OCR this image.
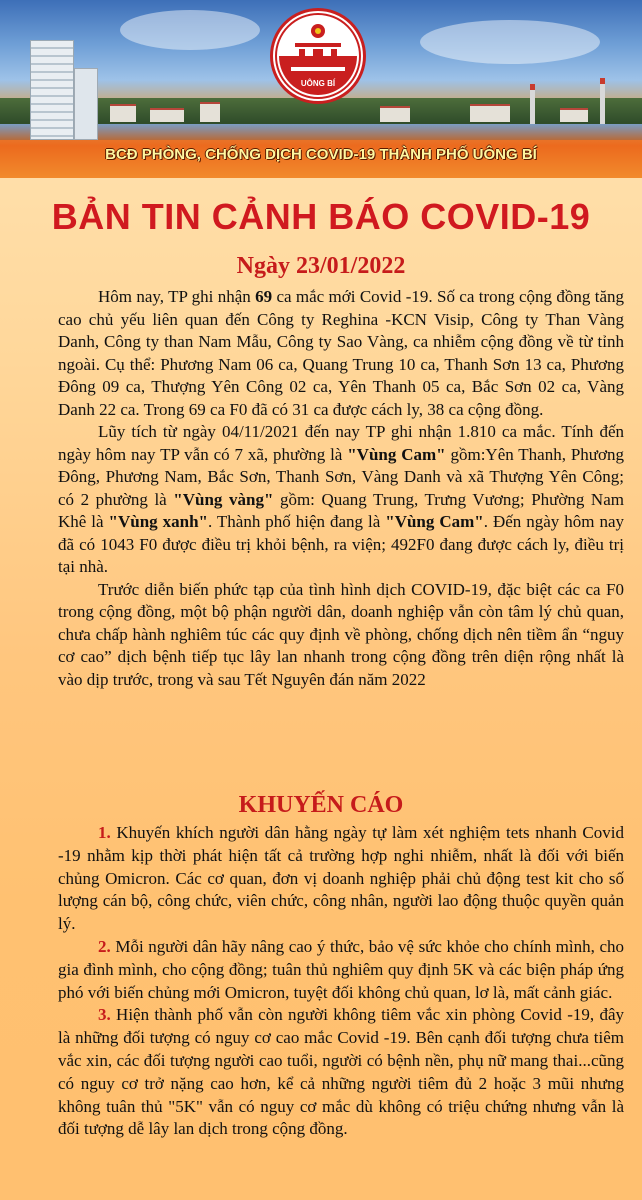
UÔNG BÍ
BCĐ PHÒNG, CHỐNG DỊCH COVID-19 THÀNH PHỐ UÔNG BÍ
BẢN TIN CẢNH BÁO COVID-19
Ngày 23/01/2022

Hôm nay, TP ghi nhận 69 ca mắc mới Covid -19. Số ca trong cộng đồng tăng cao chủ yếu liên quan đến Công ty Reghina -KCN Visip, Công ty Than Vàng Danh, Công ty than Nam Mẫu, Công ty Sao Vàng, ca nhiễm cộng đồng về từ tỉnh ngoài. Cụ thể: Phương Nam 06 ca, Quang Trung 10 ca, Thanh Sơn 13 ca, Phương Đông 09 ca, Thượng Yên Công 02 ca, Yên Thanh 05 ca, Bắc Sơn 02 ca, Vàng Danh 22 ca. Trong 69 ca F0 đã có 31 ca được cách ly, 38 ca cộng đồng.

Lũy tích từ ngày 04/11/2021 đến nay TP ghi nhận 1.810 ca mắc. Tính đến ngày hôm nay TP vẫn có 7 xã, phường là "Vùng Cam" gồm:Yên Thanh, Phương Đông, Phương Nam, Bắc Sơn, Thanh Sơn, Vàng Danh và xã Thượng Yên Công; có 2 phường là "Vùng vàng" gồm: Quang Trung, Trưng Vương; Phường Nam Khê là "Vùng xanh". Thành phố hiện đang là "Vùng Cam". Đến ngày hôm nay đã có 1043 F0 được điều trị khỏi bệnh, ra viện; 492F0 đang được cách ly, điều trị tại nhà.

Trước diễn biến phức tạp của tình hình dịch COVID-19, đặc biệt các ca F0 trong cộng đồng, một bộ phận người dân, doanh nghiệp vẫn còn tâm lý chủ quan, chưa chấp hành nghiêm túc các quy định về phòng, chống dịch nên tiềm ẩn “nguy cơ cao” dịch bệnh tiếp tục lây lan nhanh trong cộng đồng trên diện rộng nhất là vào dịp trước, trong và sau Tết Nguyên đán năm 2022

KHUYẾN CÁO

1. Khuyến khích người dân hằng ngày tự làm xét nghiệm tets nhanh Covid -19 nhằm kịp thời phát hiện tất cả trường hợp nghi nhiễm, nhất là đối với biến chủng Omicron. Các cơ quan, đơn vị doanh nghiệp phải chủ động test kit cho số lượng cán bộ, công chức, viên chức, công nhân, người lao động thuộc quyền quản lý.

2. Mỗi người dân hãy nâng cao ý thức, bảo vệ sức khỏe cho chính mình, cho gia đình mình, cho cộng đồng; tuân thủ nghiêm quy định 5K và các biện pháp ứng phó với biến chủng mới Omicron, tuyệt đối không chủ quan, lơ là, mất cảnh giác.

3. Hiện thành phố vẫn còn người không tiêm vắc xin phòng Covid -19, đây là những đối tượng có nguy cơ cao mắc Covid -19. Bên cạnh đối tượng chưa tiêm vắc xin, các đối tượng người cao tuổi, người có bệnh nền, phụ nữ mang thai...cũng có nguy cơ trở nặng cao hơn, kể cả những người tiêm đủ 2 hoặc 3 mũi nhưng không tuân thủ "5K" vẫn có nguy cơ mắc dù không có triệu chứng nhưng vẫn là đối tượng dễ lây lan dịch trong cộng đồng.
